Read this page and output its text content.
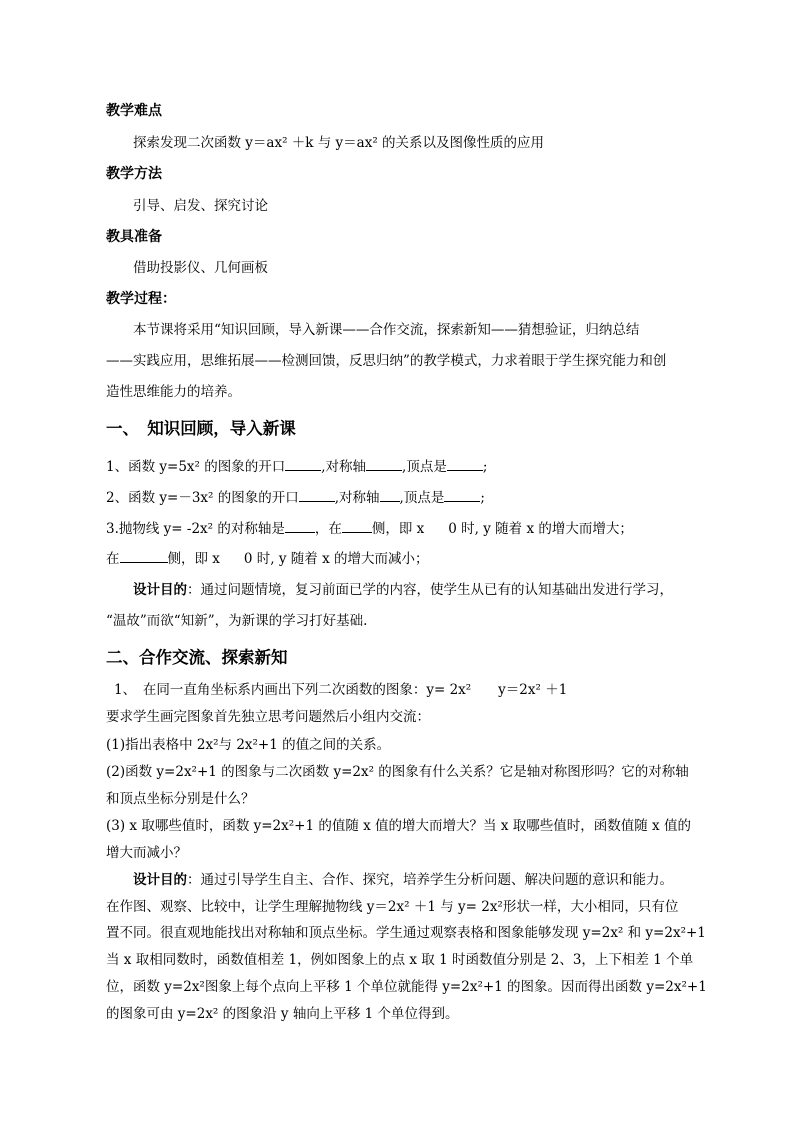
教学难点
探索发现二次函数 y＝ax² ＋k 与 y＝ax² 的关系以及图像性质的应用
教学方法
引导、启发、探究讨论
教具准备
借助投影仪、几何画板
教学过程：
本节课将采用“知识回顾，导入新课——合作交流，探索新知——猜想验证，归纳总结
——实践应用，思维拓展——检测回馈，反思归纳”的教学模式，力求着眼于学生探究能力和创
造性思维能力的培养。
一、　知识回顾，导入新课
1、函数 y=5x² 的图象的开口	,对称轴	,顶点是	;
2、函数 y=－3x² 的图象的开口	,对称轴 ,顶点是	;
3.抛物线 y= -2x² 的对称轴是 ，在 侧，即 x 0 时, y 随着 x 的增大而增大；
在	侧，即 x 0 时, y 随着 x 的增大而减小；
设计目的：通过问题情境，复习前面已学的内容，使学生从已有的认知基础出发进行学习，
“温故”而欲“知新”，为新课的学习打好基础.
二、合作交流、探索新知
1、　在同一直角坐标系内画出下列二次函数的图象：y= 2x²　　y＝2x² ＋1
要求学生画完图象首先独立思考问题然后小组内交流：
(1)指出表格中 2x²与 2x²+1 的值之间的关系。
(2)函数 y=2x²+1 的图象与二次函数 y=2x² 的图象有什么关系？它是轴对称图形吗？它的对称轴
和顶点坐标分别是什么？
(3) x 取哪些值时，函数 y=2x²+1 的值随 x 值的增大而增大？当 x 取哪些值时，函数值随 x 值的
增大而减小？
设计目的：通过引导学生自主、合作、探究，培养学生分析问题、解决问题的意识和能力。
在作图、观察、比较中，让学生理解抛物线 y＝2x² ＋1 与 y= 2x²形状一样，大小相同，只有位
置不同。很直观地能找出对称轴和顶点坐标。学生通过观察表格和图象能够发现 y=2x² 和 y=2x²+1
当 x 取相同数时，函数值相差 1，例如图象上的点 x 取 1 时函数值分别是 2、3，上下相差 1 个单
位，函数 y=2x²图象上每个点向上平移 1 个单位就能得 y=2x²+1 的图象。因而得出函数 y=2x²+1
的图象可由 y=2x² 的图象沿 y 轴向上平移 1 个单位得到。
